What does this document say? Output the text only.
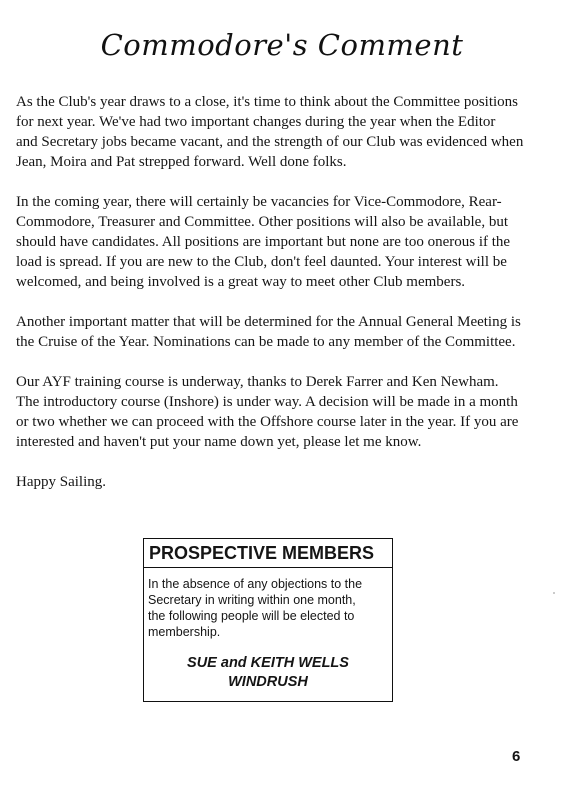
Commodore's Comment

As the Club's year draws to a close, it's time to think about the Committee positions
for next year. We've had two important changes during the year when the Editor
and Secretary jobs became vacant, and the strength of our Club was evidenced when
Jean, Moira and Pat strepped forward. Well done folks.

In the coming year, there will certainly be vacancies for Vice-Commodore, Rear-
Commodore, Treasurer and Committee. Other positions will also be available, but
should have candidates. All positions are important but none are too onerous if the
load is spread. If you are new to the Club, don't feel daunted. Your interest will be
welcomed, and being involved is a great way to meet other Club members.

Another important matter that will be determined for the Annual General Meeting is
the Cruise of the Year. Nominations can be made to any member of the Committee.

Our AYF training course is underway, thanks to Derek Farrer and Ken Newham.
The introductory course (Inshore) is under way. A decision will be made in a month
or two whether we can proceed with the Offshore course later in the year. If you are
interested and haven't put your name down yet, please let me know.

Happy Sailing.

PROSPECTIVE MEMBERS
In the absence of any objections to the
Secretary in writing within one month,
the following people will be elected to
membership.
SUE and KEITH WELLS
WINDRUSH
6
